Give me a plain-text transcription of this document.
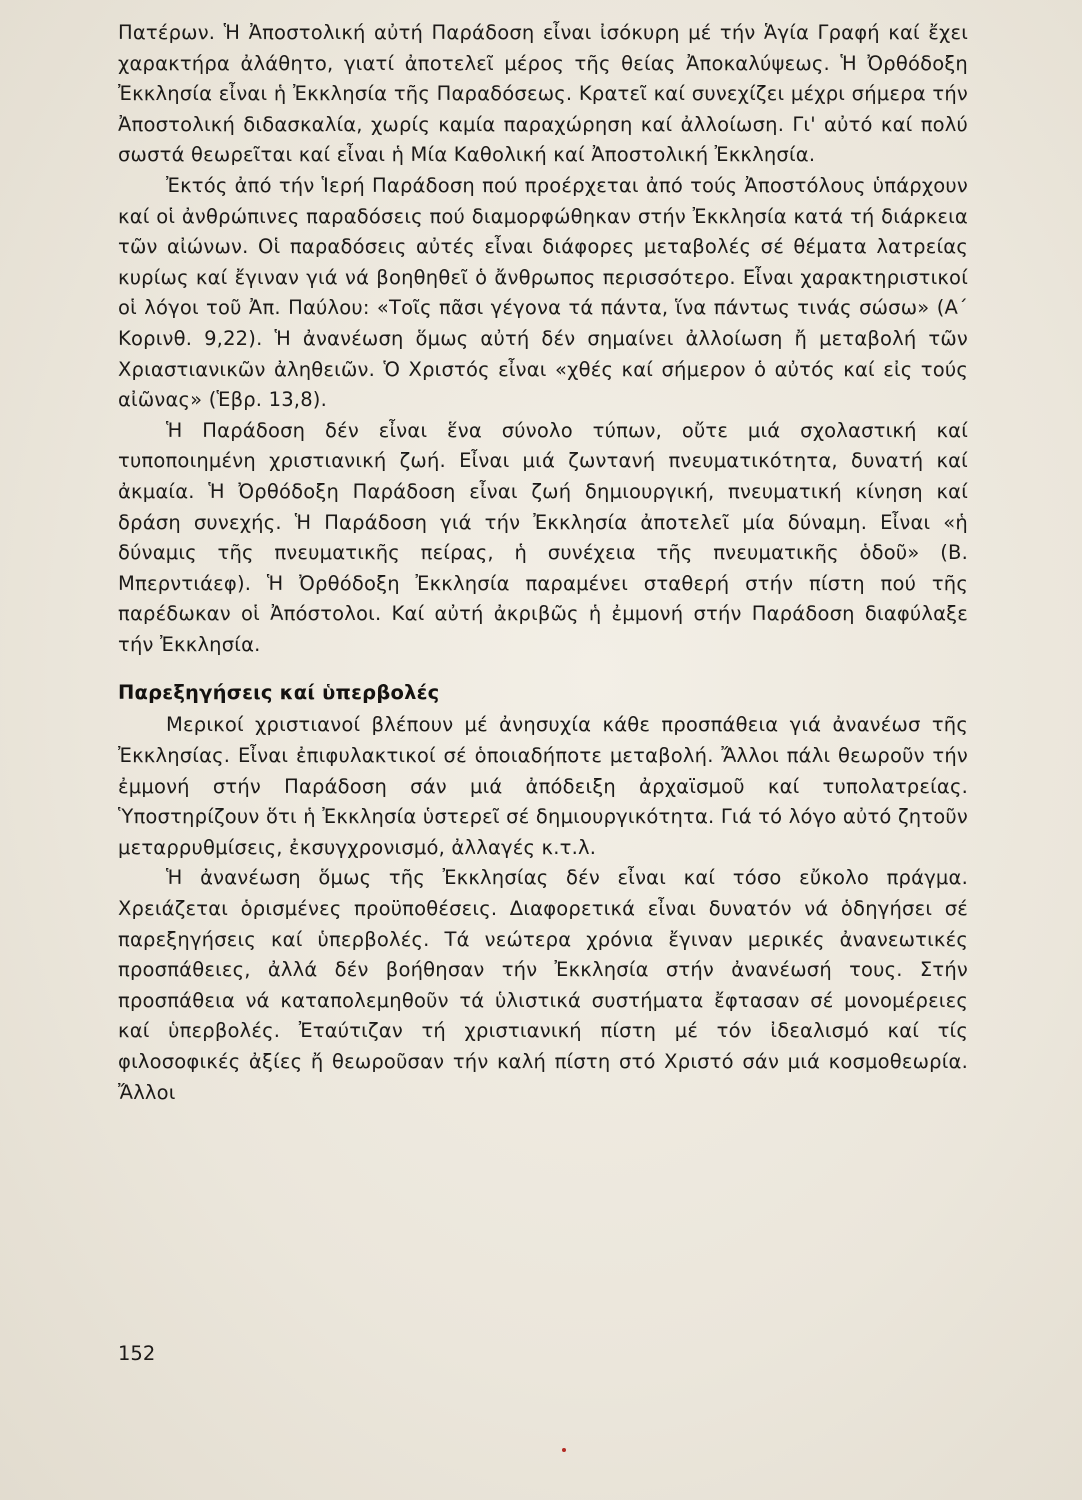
Πατέρων. Ἡ Ἀποστολική αὐτή Παράδοση εἶναι ἰσόκυρη μέ τήν Ἁγία Γραφή καί ἔχει χαρακτήρα ἀλάθητο, γιατί ἀποτελεῖ μέρος τῆς θείας Ἀποκαλύψεως. Ἡ Ὀρθόδοξη Ἐκκλησία εἶναι ἡ Ἐκκλησία τῆς Παραδόσεως. Κρατεῖ καί συνεχίζει μέχρι σήμερα τήν Ἀποστολική διδασκαλία, χωρίς καμία παραχώρηση καί ἀλλοίωση. Γι' αὐτό καί πολύ σωστά θεωρεῖται καί εἶναι ἡ Μία Καθολική καί Ἀποστολική Ἐκκλησία.

Ἐκτός ἀπό τήν Ἱερή Παράδοση πού προέρχεται ἀπό τούς Ἀποστόλους ὑπάρχουν καί οἱ ἀνθρώπινες παραδόσεις πού διαμορφώθηκαν στήν Ἐκκλησία κατά τή διάρκεια τῶν αἰώνων. Οἱ παραδόσεις αὐτές εἶναι διάφορες μεταβολές σέ θέματα λατρείας κυρίως καί ἔγιναν γιά νά βοηθηθεῖ ὁ ἄνθρωπος περισσότερο. Εἶναι χαρακτηριστικοί οἱ λόγοι τοῦ Ἀπ. Παύλου: «Τοῖς πᾶσι γέγονα τά πάντα, ἵνα πάντως τινάς σώσω» (Α΄ Κορινθ. 9,22). Ἡ ἀνανέωση ὅμως αὐτή δέν σημαίνει ἀλλοίωση ἤ μεταβολή τῶν Χριαστιανικῶν ἀληθειῶν. Ὁ Χριστός εἶναι «χθές καί σήμερον ὁ αὐτός καί εἰς τούς αἰῶνας» (Ἑβρ. 13,8).

Ἡ Παράδοση δέν εἶναι ἕνα σύνολο τύπων, οὔτε μιά σχολαστική καί τυποποιημένη χριστιανική ζωή. Εἶναι μιά ζωντανή πνευματικότητα, δυνατή καί ἀκμαία. Ἡ Ὀρθόδοξη Παράδοση εἶναι ζωή δημιουργική, πνευματική κίνηση καί δράση συνεχής. Ἡ Παράδοση γιά τήν Ἐκκλησία ἀποτελεῖ μία δύναμη. Εἶναι «ἡ δύναμις τῆς πνευματικῆς πείρας, ἡ συνέχεια τῆς πνευματικῆς ὁδοῦ» (Β. Μπερντιάεφ). Ἡ Ὀρθόδοξη Ἐκκλησία παραμένει σταθερή στήν πίστη πού τῆς παρέδωκαν οἱ Ἀπόστολοι. Καί αὐτή ἀκριβῶς ἡ ἐμμονή στήν Παράδοση διαφύλαξε τήν Ἐκκλησία.

Παρεξηγήσεις καί ὑπερβολές

Μερικοί χριστιανοί βλέπουν μέ ἀνησυχία κάθε προσπάθεια γιά ἀνανέωσ τῆς Ἐκκλησίας. Εἶναι ἐπιφυλακτικοί σέ ὁποιαδήποτε μεταβολή. Ἄλλοι πάλι θεωροῦν τήν ἐμμονή στήν Παράδοση σάν μιά ἀπόδειξη ἀρχαϊσμοῦ καί τυπολατρείας. Ὑποστηρίζουν ὅτι ἡ Ἐκκλησία ὑστερεῖ σέ δημιουργικότητα. Γιά τό λόγο αὐτό ζητοῦν μεταρρυθμίσεις, ἐκσυγχρονισμό, ἀλλαγές κ.τ.λ.

Ἡ ἀνανέωση ὅμως τῆς Ἐκκλησίας δέν εἶναι καί τόσο εὔκολο πράγμα. Χρειάζεται ὁρισμένες προϋποθέσεις. Διαφορετικά εἶναι δυνατόν νά ὁδηγήσει σέ παρεξηγήσεις καί ὑπερβολές. Τά νεώτερα χρόνια ἔγιναν μερικές ἀνανεωτικές προσπάθειες, ἀλλά δέν βοήθησαν τήν Ἐκκλησία στήν ἀνανέωσή τους. Στήν προσπάθεια νά καταπολεμηθοῦν τά ὑλιστικά συστήματα ἔφτασαν σέ μονομέρειες καί ὑπερβολές. Ἐταύτιζαν τή χριστιανική πίστη μέ τόν ἰδεαλισμό καί τίς φιλοσοφικές ἀξίες ἤ θεωροῦσαν τήν καλή πίστη στό Χριστό σάν μιά κοσμοθεωρία. Ἄλλοι

152
